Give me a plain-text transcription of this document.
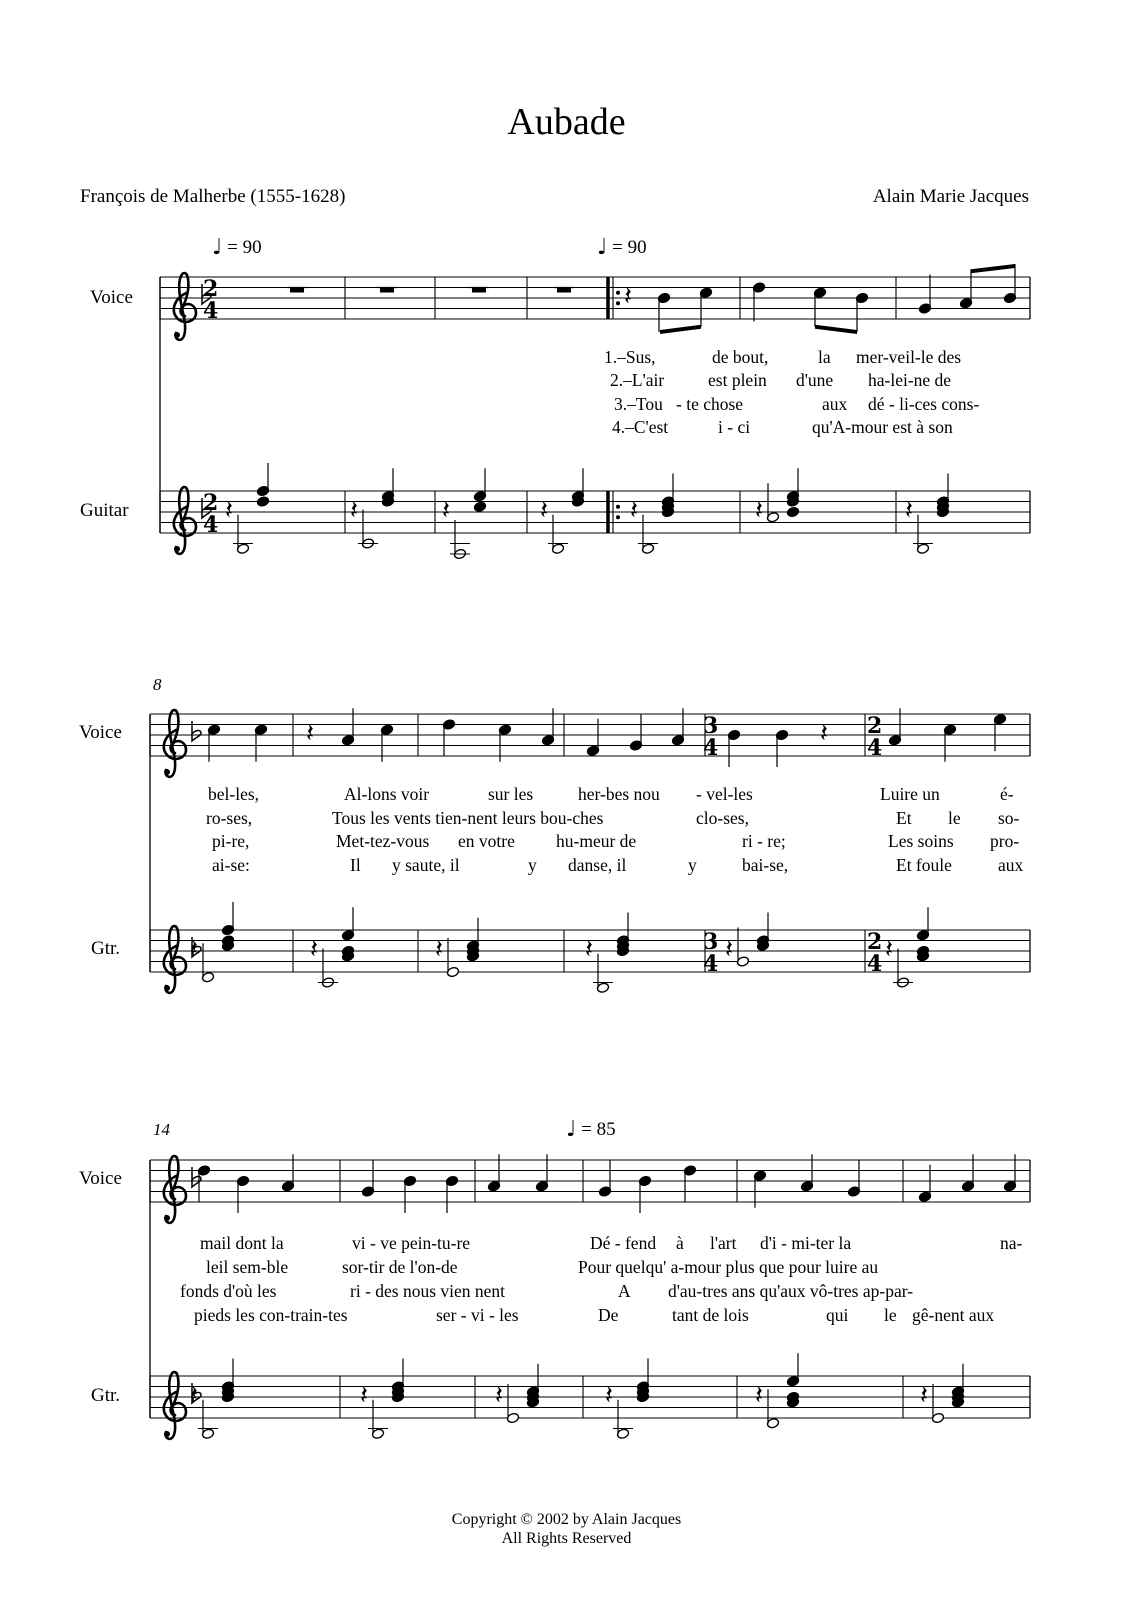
Aubade
François de Malherbe (1555-1628)	Alain Marie Jacques
♩ = 90	♩ = 90
♩ = 85
Voice
Guitar
Voice
Gtr.
Voice
Gtr.
8
14
1.–Sus,	de bout,	la mer-veil-le des
2.–L'air	est plein d'une ha-lei-ne de
3.–Tou - te chose	aux dé - li-ces cons-
4.–C'est	i - ci	qu'A-mour est à son
bel-les,	Al-lons voir	sur les	her-bes nou - vel-les	Luire un	é-
ro-ses,	Tous les vents tien-nent leurs bou-ches	clo-ses,	Et le so-
pi-re,	Met-tez-vous en votre hu-meur de	ri - re;	Les soins pro-
ai-se:	Il y saute, il	y danse, il	y	bai-se,	Et foule	aux
mail dont la	vi - ve pein-tu-re	Dé - fend à l'art d'i - mi-ter la	na-
leil sem-ble	sor-tir de l'on-de	Pour quelqu' a-mour plus que pour luire au
fonds d'où les	ri - des nous vien nent	A d'au-tres ans qu'aux vô-tres ap-par-
pieds les con-train-tes	ser - vi - les	De	tant de lois	qui le gê-nent aux
Copyright © 2002 by Alain Jacques
All Rights Reserved
2
4
2
4
3
4
2
4
3
4
2
4
𝄽
𝄽	𝄽	𝄽	𝄽	𝄽	𝄽	𝄽
𝄽	𝄽	𝄽	𝄽	𝄽	𝄽
𝄽	𝄽	𝄽	𝄽	𝄽	𝄽
𝄽	𝄽
